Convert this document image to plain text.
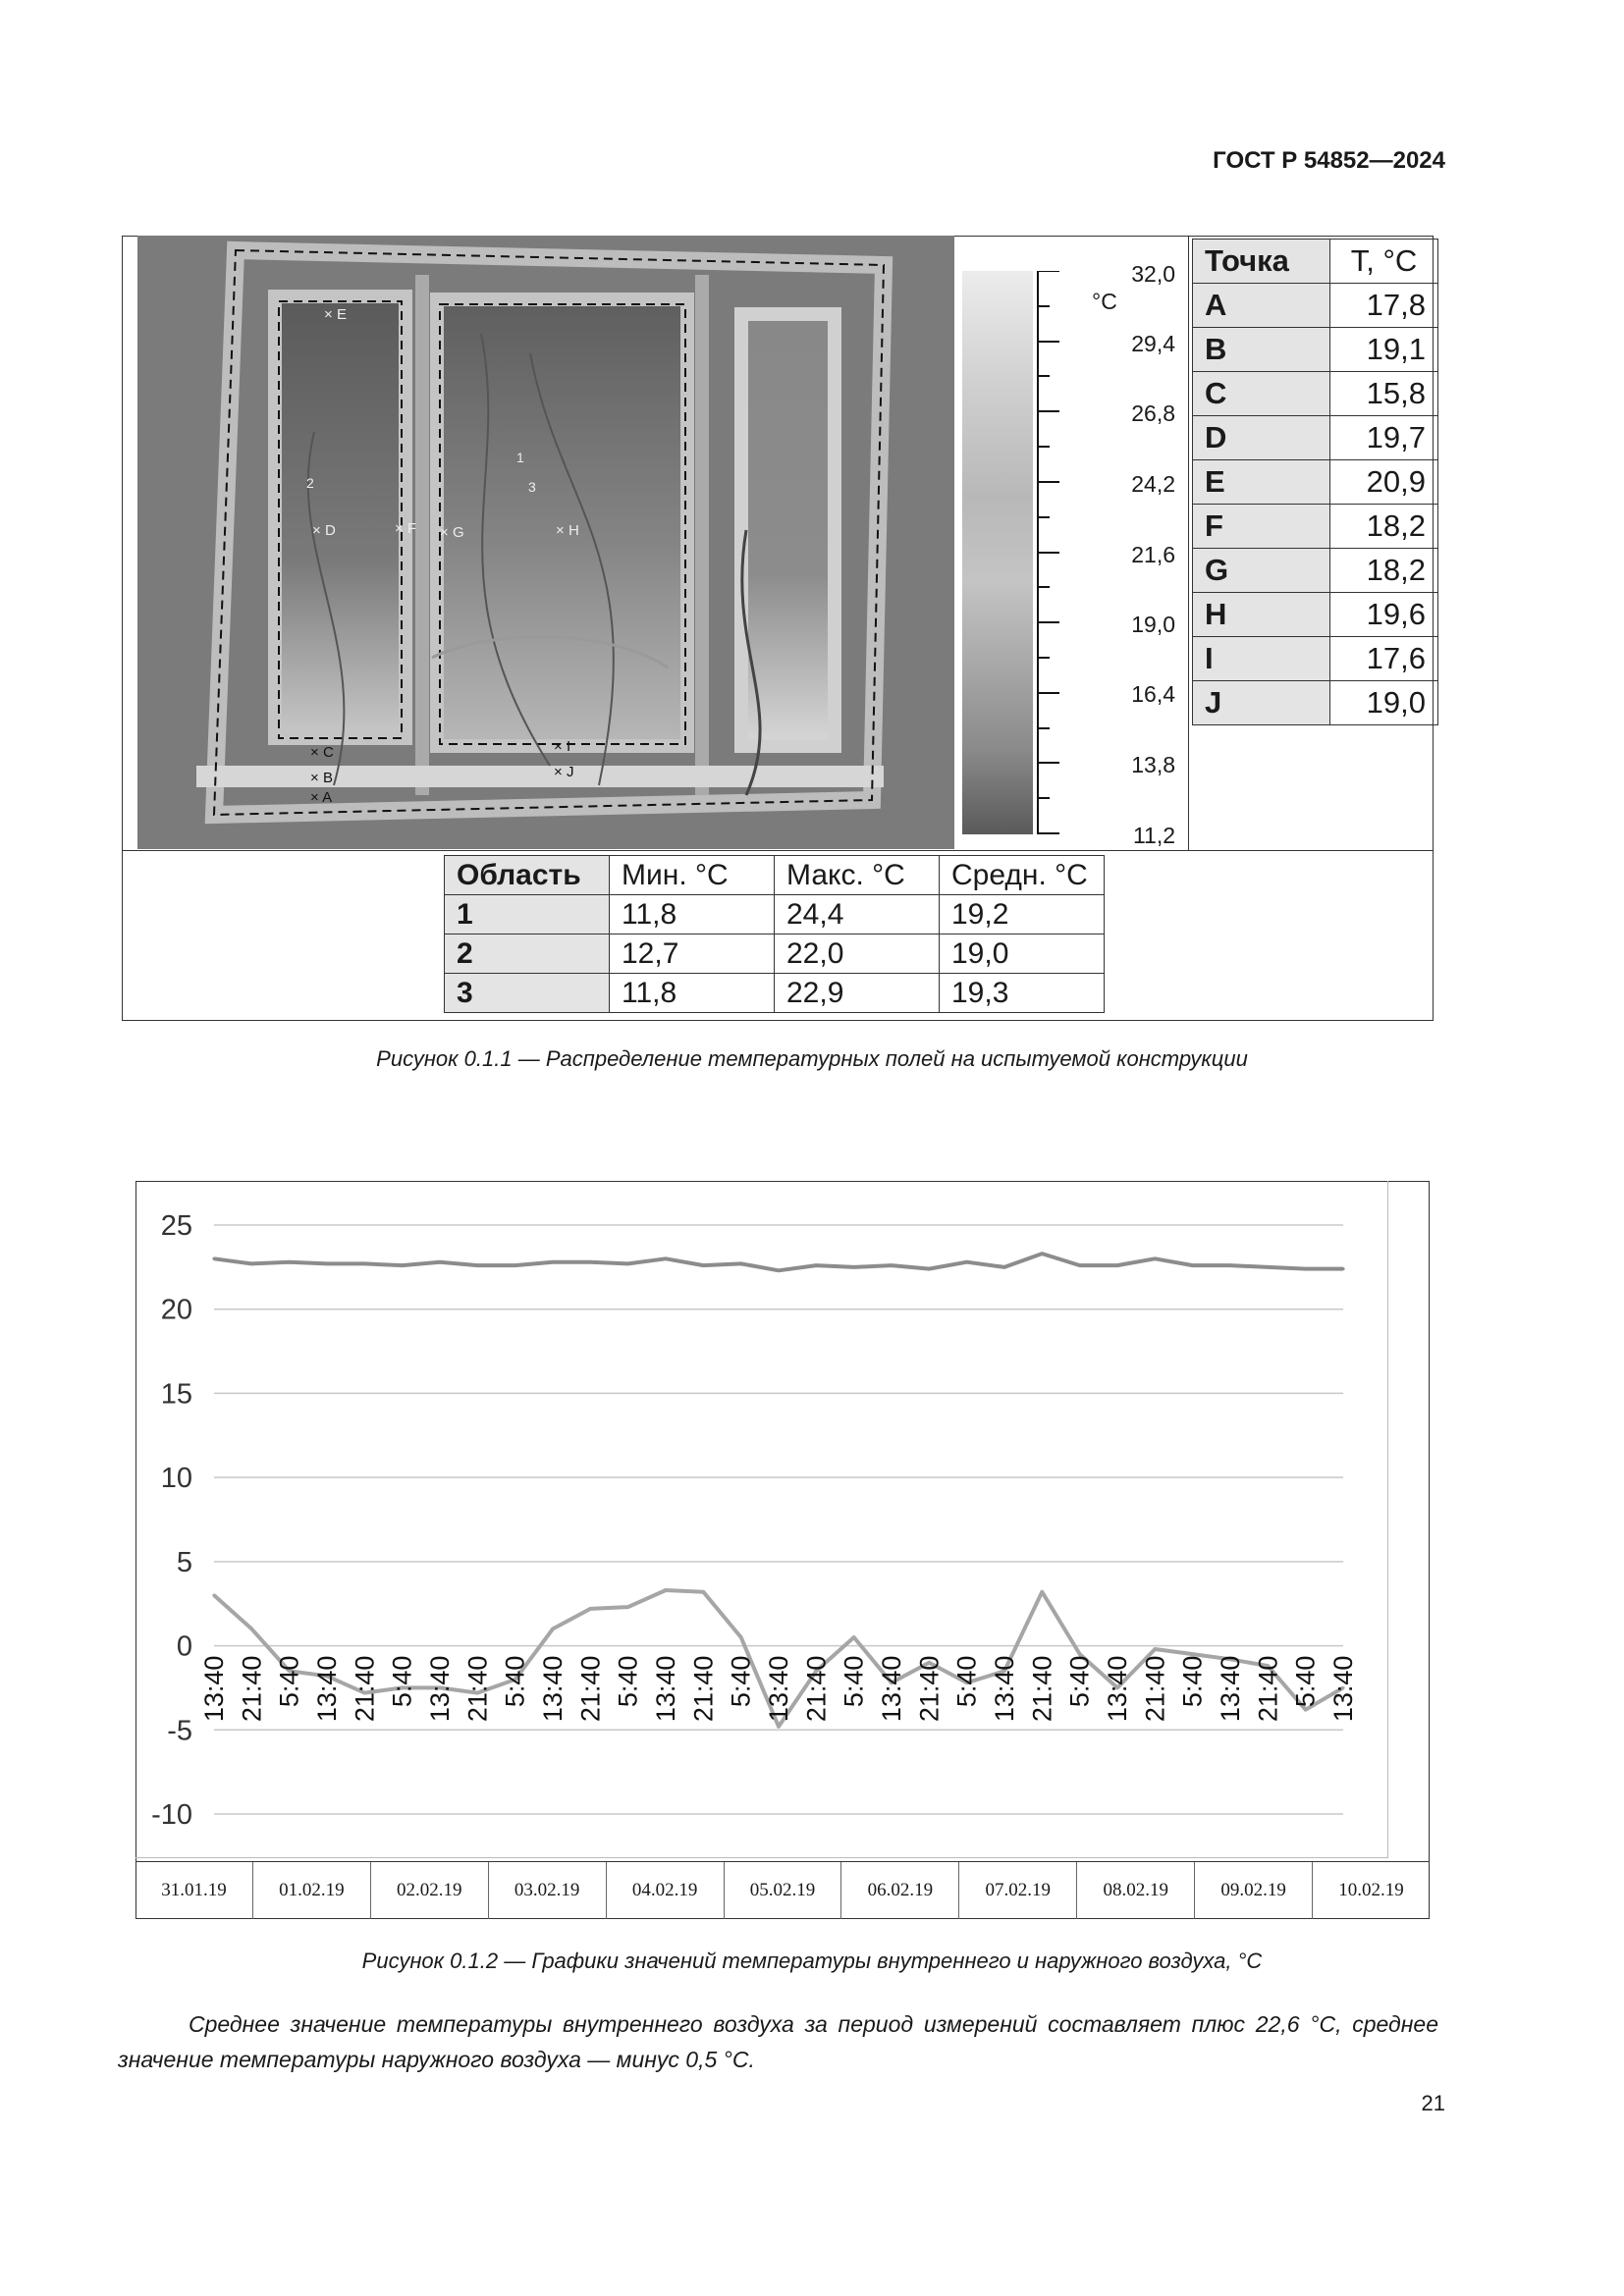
ГОСТ Р 54852—2024
× E
× D	× F × G	× H
× C
× B
× A
× I
× J
1
2	3
°C
32,0
29,4
26,8
24,2
21,6
19,0
16,4
13,8
11,2
Точка	T, °C
A	17,8
B	19,1
C	15,8
D	19,7
E	20,9
F	18,2
G	18,2
H	19,6
I	17,6
J	19,0
Область	Мин. °C	Макс. °C	Средн. °C
1	11,8	24,4	19,2
2	12,7	22,0	19,0
3	11,8	22,9	19,3
Рисунок 0.1.1 — Распределение температурных полей на испытуемой конструкции
25
20
15
10
5
0
-5
-10
13:40 21:40 5:40 13:40 21:40 5:40 13:40 21:40 5:40 13:40 21:40 5:40 13:40 21:40 5:40 13:40 21:40 5:40 13:40 21:40 5:40 13:40 21:40 5:40 13:40 21:40 5:40 13:40 21:40 5:40 13:40
31.01.19	01.02.19	02.02.19	03.02.19	04.02.19	05.02.19	06.02.19	07.02.19	08.02.19	09.02.19	10.02.19
Рисунок 0.1.2 — Графики значений температуры внутреннего и наружного воздуха, °C

Среднее значение температуры внутреннего воздуха за период измерений составляет плюс 22,6 °C, среднее значение температуры наружного воздуха — минус 0,5 °C.

21
